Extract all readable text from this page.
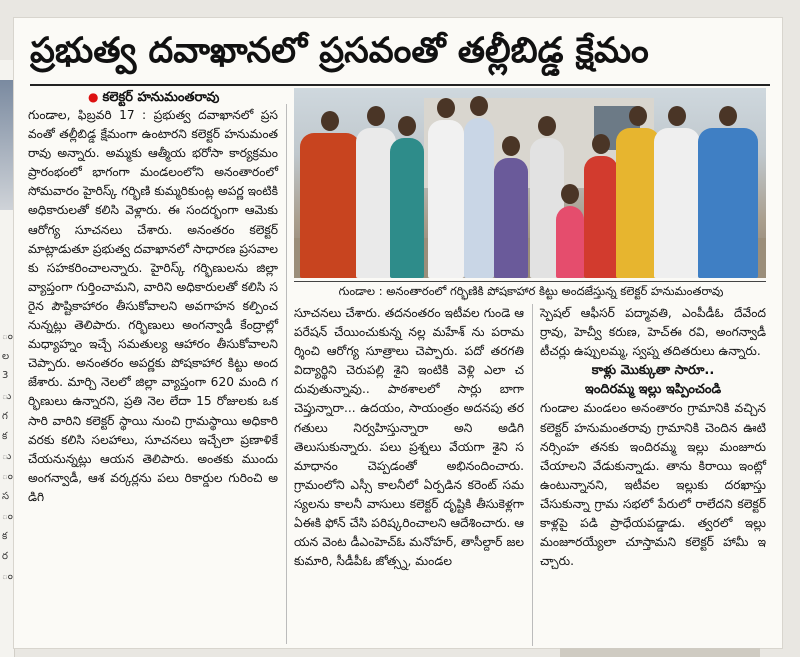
ం
ల
3
ు
గ
క
ు
ం
స
ం
క
ర
ం
ప్రభుత్వ దవాఖానలో ప్రసవంతో తల్లీబిడ్డ క్షేమం
● కలెక్టర్ హనుమంతరావు
గుండాల : అనంతారంలో గర్భిణికి పోషకాహార కిట్టు అందజేస్తున్న కలెక్టర్ హనుమంతరావు

గుండాల, ఫిబ్రవరి 17 : ప్రభుత్వ దవాఖానలో ప్రసవంతో తల్లీబిడ్డ క్షేమంగా ఉంటారని కలెక్టర్ హనుమంతరావు అన్నారు. అమ్మకు ఆత్మీయ భరోసా కార్యక్రమం ప్రారంభంలో భాగంగా మండలంలోని అనంతారంలో సోమవారం హైరిస్క్ గర్భిణి కుమ్మరికుంట్ల అపర్ణ ఇంటికి అధికారులతో కలిసి వెళ్లారు. ఈ సందర్భంగా ఆమెకు ఆరోగ్య సూచనలు చేశారు. అనంతరం కలెక్టర్ మాట్లాడుతూ ప్రభుత్వ దవాఖానలో సాధారణ ప్రసవాలకు సహకరించాలన్నారు. హైరిస్క్ గర్భిణులను జిల్లా వ్యాప్తంగా గుర్తించామని, వారిని అధికారులతో కలిసి సరైన పౌష్టికాహారం తీసుకోవాలని అవగాహన కల్పించనున్నట్లు తెలిపారు. గర్భిణులు అంగన్వాడీ కేంద్రాల్లో మధ్యాహ్నం ఇచ్చే సమతుల్య ఆహారం తీసుకోవాలని చెప్పారు. అనంతరం అపర్ణకు పోషకాహార కిట్టు అందజేశారు. మార్చి నెలలో జిల్లా వ్యాప్తంగా 620 మంది గర్భిణులు ఉన్నారని, ప్రతి నెల లేదా 15 రోజులకు ఒకసారి వారిని కలెక్టర్ స్థాయి నుంచి గ్రామస్థాయి అధికారి వరకు కలిసి సలహాలు, సూచనలు ఇచ్చేలా ప్రణాళికే చేయనున్నట్లు ఆయన తెలిపారు. అంతకు ముందు అంగన్వాడీ, ఆశ వర్కర్లను పలు రికార్డుల గురించి అడిగి

సూచనలు చేశారు. తదనంతరం ఇటీవల గుండె ఆపరేషన్ చేయించుకున్న నల్ల మహేశ్ ను పరామర్శించి ఆరోగ్య సూత్రాలు చెప్పారు. పదో తరగతి విద్యార్థిని చెరుపల్లి శైని ఇంటికి వెళ్లి ఎలా చదువుతున్నావు.. పాఠశాలలో సార్లు బాగా చెప్తున్నారా... ఉదయం, సాయంత్రం అదనపు తరగతులు నిర్వహిస్తున్నారా అని అడిగి తెలుసుకున్నారు. పలు ప్రశ్నలు వేయగా శైని సమాధానం చెప్పడంతో అభినందించారు. గ్రామంలోని ఎస్సీ కాలనీలో ఏర్పడిన కరెంట్ సమస్యలను కాలనీ వాసులు కలెక్టర్ దృష్టికి తీసుకెళ్లగా ఏఈకి ఫోన్ చేసి పరిష్కరించాలని ఆదేశించారు. ఆయన వెంట డీఎంహెచ్ఓ మనోహర్, తాసీల్దార్ జల కుమారి, సీడీపీఓ జోత్స్న, మండల

స్పెషల్ ఆఫీసర్ పద్మావతి, ఎంపీడీఓ దేవేందర్రావు, హెచ్వీ కరుణ, హెచ్ఈ రవి, అంగన్వాడీ టీచర్లు ఉప్పులమ్మ, స్వప్న తదితరులు ఉన్నారు.

కాళ్లు మొక్కుతా సారూ..

ఇందిరమ్మ ఇల్లు ఇప్పించండి

గుండాల మండలం అనంతారం గ్రామానికి వచ్చిన కలెక్టర్ హనుమంతరావు గ్రామానికి చెందిన ఊటి నర్సింహ తనకు ఇందిరమ్మ ఇల్లు మంజూరు చేయాలని వేడుకున్నాడు. తాను కిరాయి ఇంట్లో ఉంటున్నానని, ఇటీవల ఇల్లుకు దరఖాస్తు చేసుకున్నా గ్రామ సభలో పేరులో రాలేదని కలెక్టర్ కాళ్లపై పడి ప్రాధేయపడ్డాడు. త్వరలో ఇల్లు మంజూరయ్యేలా చూస్తామని కలెక్టర్ హామీ ఇచ్చారు.
